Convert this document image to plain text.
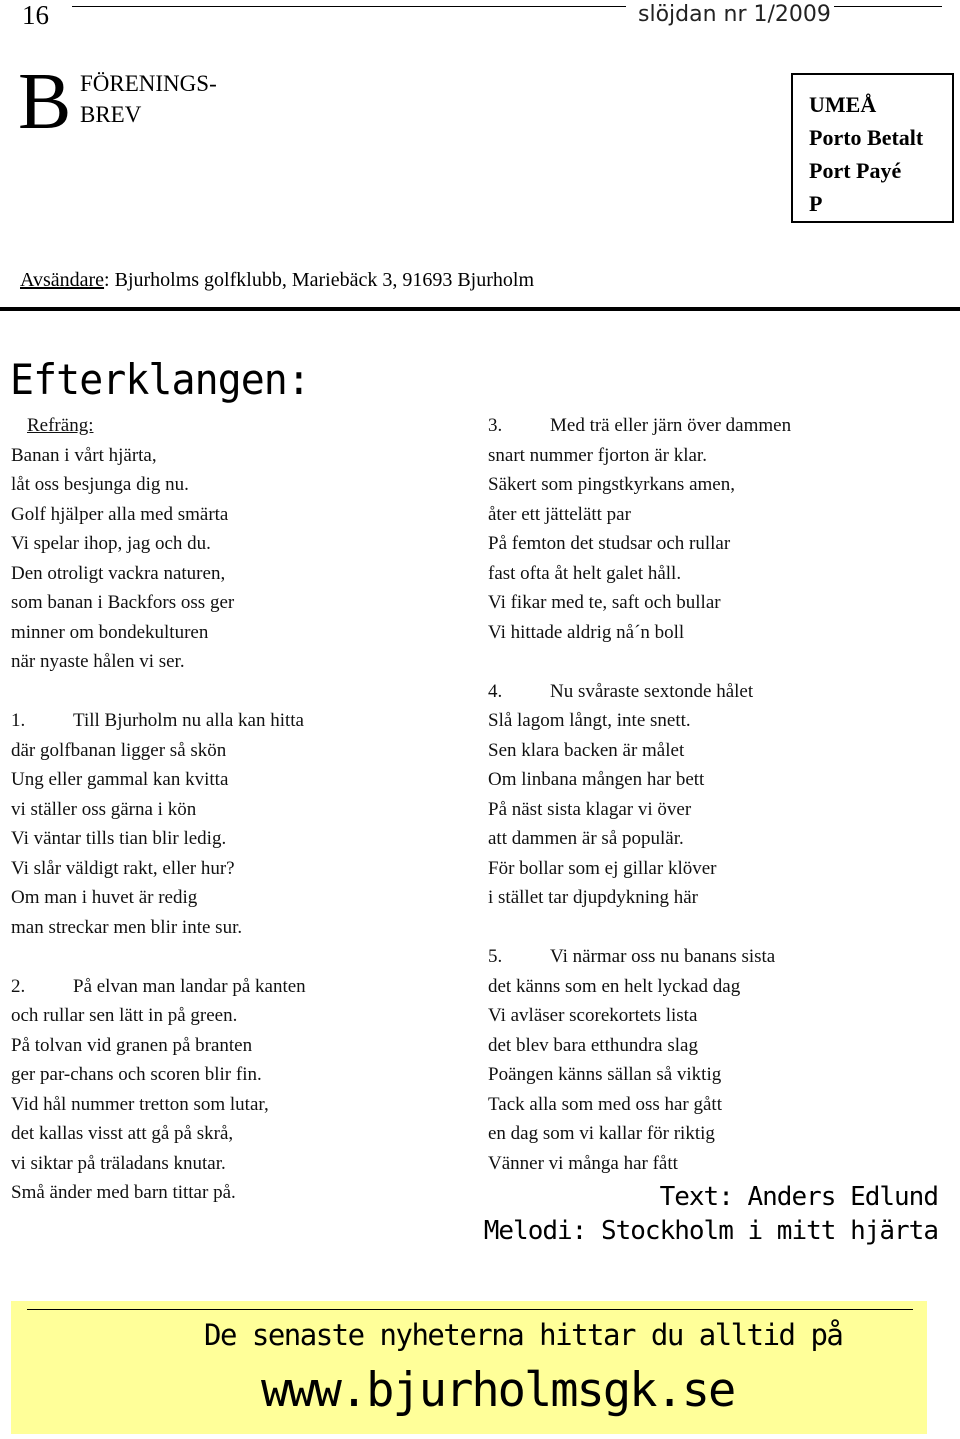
16	slöjdan nr 1/2009
B FÖRENINGS-
BREV	UMEÅ
Porto Betalt
Port Payé
P
Avsändare: Bjurholms golfklubb, Mariebäck 3, 91693 Bjurholm
Efterklangen:
Refräng:
Banan i vårt hjärta,
låt oss besjunga dig nu.
Golf hjälper alla med smärta
Vi spelar ihop, jag och du.
Den otroligt vackra naturen,
som banan i Backfors oss ger
minner om bondekulturen
när nyaste hålen vi ser.
1.	Till Bjurholm nu alla kan hitta
där golfbanan ligger så skön
Ung eller gammal kan kvitta
vi ställer oss gärna i kön
Vi väntar tills tian blir ledig.
Vi slår väldigt rakt, eller hur?
Om man i huvet är redig
man streckar men blir inte sur.
2.	På elvan man landar på kanten
och rullar sen lätt in på green.
På tolvan vid granen på branten
ger par-chans och scoren blir fin.
Vid hål nummer tretton som lutar,
det kallas visst att gå på skrå,
vi siktar på träladans knutar.
Små änder med barn tittar på.
3.	Med trä eller järn över dammen
snart nummer fjorton är klar.
Säkert som pingstkyrkans amen,
åter ett jättelätt par
På femton det studsar och rullar
fast ofta åt helt galet håll.
Vi fikar med te, saft och bullar
Vi hittade aldrig nå´n boll
4.	Nu svåraste sextonde hålet
Slå lagom långt, inte snett.
Sen klara backen är målet
Om linbana mången har bett
På näst sista klagar vi över
att dammen är så populär.
För bollar som ej gillar klöver
i stället tar djupdykning här
5.	Vi närmar oss nu banans sista
det känns som en helt lyckad dag
Vi avläser scorekortets lista
det blev bara etthundra slag
Poängen känns sällan så viktig
Tack alla som med oss har gått
en dag som vi kallar för riktig
Vänner vi många har fått
Text: Anders Edlund
Melodi: Stockholm i mitt hjärta
De senaste nyheterna hittar du alltid på
www.bjurholmsgk.se
